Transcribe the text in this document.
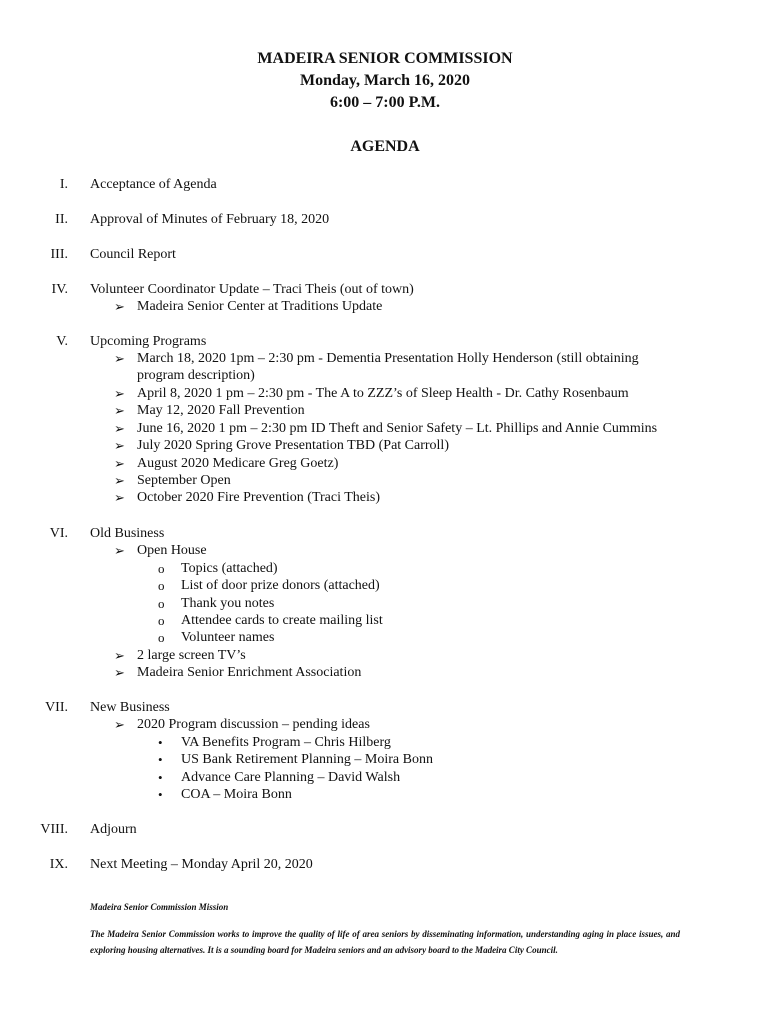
MADEIRA SENIOR COMMISSION
Monday, March 16, 2020
6:00 – 7:00 P.M.
AGENDA
I. Acceptance of Agenda
II. Approval of Minutes of February 18, 2020
III. Council Report
IV. Volunteer Coordinator Update – Traci Theis (out of town)
➢ Madeira Senior Center at Traditions Update
V. Upcoming Programs
➢ March 18, 2020 1pm – 2:30 pm - Dementia Presentation Holly Henderson (still obtaining
program description)
➢ April 8, 2020 1 pm – 2:30 pm - The A to ZZZ’s of Sleep Health - Dr. Cathy Rosenbaum
➢ May 12, 2020 Fall Prevention
➢ June 16, 2020 1 pm – 2:30 pm ID Theft and Senior Safety – Lt. Phillips and Annie Cummins
➢ July 2020 Spring Grove Presentation TBD (Pat Carroll)
➢ August 2020 Medicare Greg Goetz)
➢ September Open
➢ October 2020 Fire Prevention (Traci Theis)
VI. Old Business
➢ Open House
o Topics (attached)
o List of door prize donors (attached)
o Thank you notes
o Attendee cards to create mailing list
o Volunteer names
➢ 2 large screen TV’s
➢ Madeira Senior Enrichment Association
VII. New Business
➢ 2020 Program discussion – pending ideas
• VA Benefits Program – Chris Hilberg
• US Bank Retirement Planning – Moira Bonn
• Advance Care Planning – David Walsh
• COA – Moira Bonn
VIII. Adjourn
IX. Next Meeting – Monday April 20, 2020
Madeira Senior Commission Mission
The Madeira Senior Commission works to improve the quality of life of area seniors by disseminating information, understanding aging in place issues, and exploring housing alternatives. It is a sounding board for Madeira seniors and an advisory board to the Madeira City Council.
